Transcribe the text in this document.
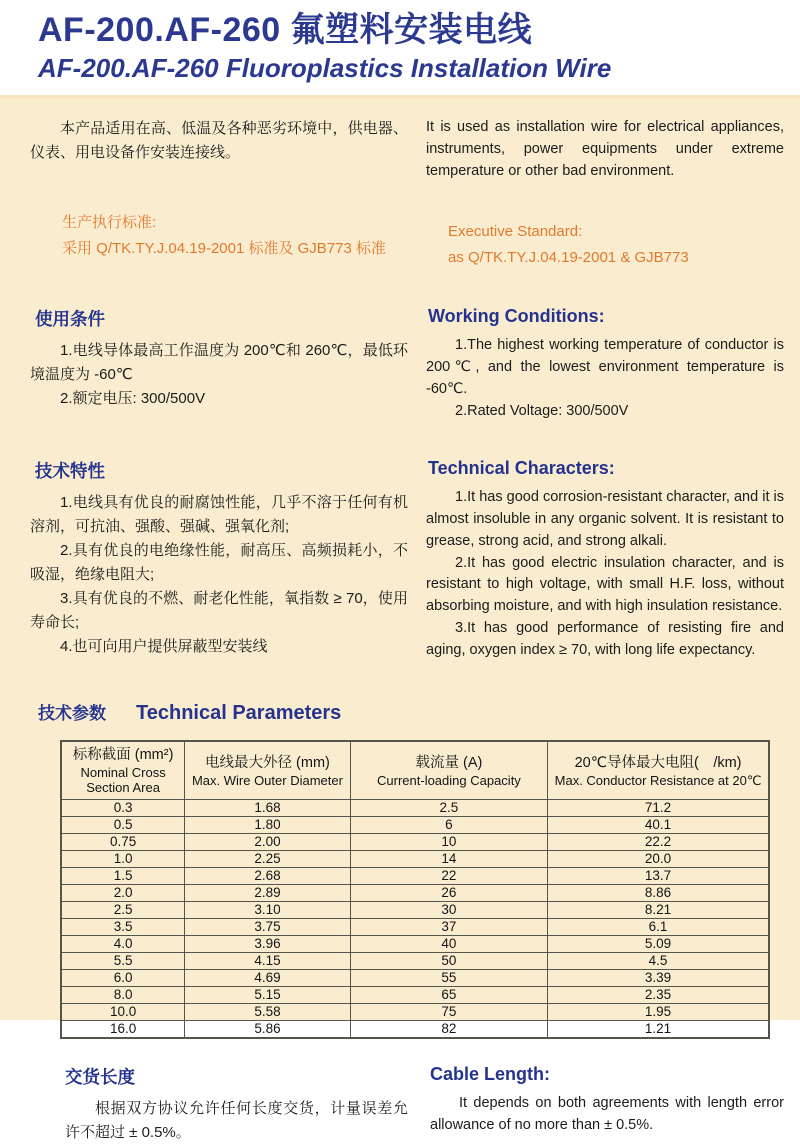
AF-200.AF-260 氟塑料安装电线
AF-200.AF-260 Fluoroplastics Installation Wire

本产品适用在高、低温及各种恶劣环境中，供电器、仪表、用电设备作安装连接线。

It is used as installation wire for electrical appliances, instruments, power equipments under extreme temperature or other bad environment.

生产执行标准:

采用 Q/TK.TY.J.04.19-2001 标准及 GJB773 标准

Executive Standard:

as Q/TK.TY.J.04.19-2001 & GJB773

使用条件

1.电线导体最高工作温度为 200℃和 260℃，最低环境温度为 -60℃

2.额定电压: 300/500V

Working Conditions:

1.The highest working temperature of conductor is 200℃, and the lowest environment temperature is -60℃.

2.Rated Voltage: 300/500V

技术特性

1.电线具有优良的耐腐蚀性能，几乎不溶于任何有机溶剂，可抗油、强酸、强碱、强氧化剂;

2.具有优良的电绝缘性能，耐高压、高频损耗小，不吸湿，绝缘电阻大;

3.具有优良的不燃、耐老化性能，氧指数 ≥ 70，使用寿命长;

4.也可向用户提供屏蔽型安装线

Technical Characters:

1.It has good corrosion-resistant character, and it is almost insoluble in any organic solvent. It is resistant to grease, strong acid, and strong alkali.

2.It has good electric insulation character, and is resistant to high voltage, with small H.F. loss, without absorbing moisture, and with high insulation resistance.

3.It has good performance of resisting fire and aging, oxygen index ≥ 70, with long life expectancy.

技术参数 Technical Parameters
标称截面 (mm²)
Nominal Cross Section Area

电线最大外径 (mm)
Max. Wire Outer Diameter

载流量 (A)
Current-loading Capacity

20℃导体最大电阻(　/km)
Max. Conductor Resistance at 20℃

0.3	1.68	2.5	71.2
0.5	1.80	6	40.1
0.75	2.00	10	22.2
1.0	2.25	14	20.0
1.5	2.68	22	13.7
2.0	2.89	26	8.86
2.5	3.10	30	8.21
3.5	3.75	37	6.1
4.0	3.96	40	5.09
5.5	4.15	50	4.5
6.0	4.69	55	3.39
8.0	5.15	65	2.35
10.0	5.58	75	1.95
16.0	5.86	82	1.21
交货长度

根据双方协议允许任何长度交货，计量误差允许不超过 ± 0.5%。

Cable Length:

It depends on both agreements with length error allowance of no more than ± 0.5%.
